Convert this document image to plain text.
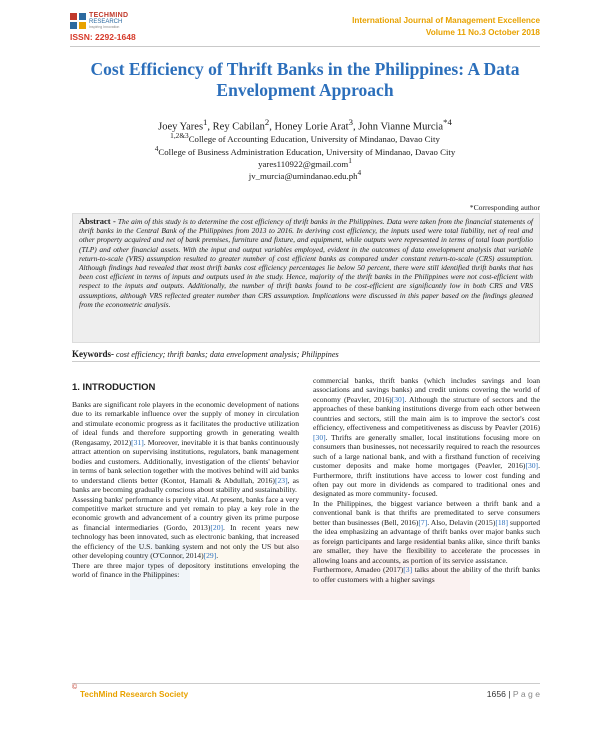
TECHMIND
RESEARCH
Inspiring Innovation
ISSN: 2292-1648
International Journal of Management Excellence
Volume 11 No.3 October 2018
Cost Efficiency of Thrift Banks in the Philippines: A Data Envelopment Approach
Joey Yares$^1$, Rey Cabilan$^2$, Honey Lorie Arat$^3$, John Vianne Murcia$^{*4}$
$^{1,2\&3}$College of Accounting Education, University of Mindanao, Davao City
$^4$College of Business Administration Education, University of Mindanao, Davao City
yares110922@gmail.com$^1$
$jv\_murcia@umindanao.edu.ph^4$
*Corresponding author
Abstract - The aim of this study is to determine the cost efficiency of thrift banks in the Philippines. Data were taken from the financial statements of thrift banks in the Central Bank of the Philippines from 2013 to 2016. In deriving cost efficiency, the inputs used were total liability, net of real and other property acquired and net of bank premises, furniture and fixture, and equipment, while outputs were represented in terms of total loan portfolio (TLP) and other financial assets. With the input and output variables employed, evident in the outcomes of data envelopment analysis that variable return-to-scale (VRS) assumption resulted to greater number of cost efficient banks as compared under constant return-to-scale (CRS) assumption. Although findings had revealed that most thrift banks cost efficiency percentages lie below 50 percent, there were still identified thrift banks that has been cost efficient in terms of inputs and outputs used in the study. Hence, majority of the thrift banks in the Philippines were not cost-efficient with respect to the inputs and outputs. Additionally, the number of thrift banks found to be cost-efficient are significantly low in both CRS and VRS assumptions, although VRS reflected greater number than CRS assumption. Implications were discussed in this paper based on the findings gleaned from the econometric analysis.
Keywords- cost efficiency; thrift banks; data envelopment analysis; Philippines
1. INTRODUCTION

Banks are significant role players in the economic development of nations due to its remarkable influence over the supply of money in circulation and stimulate economic progress as it facilitates the productive utilization of ideal funds and therefore supporting growth in generating wealth (Rengasamy, 2012)[31]. Moreover, inevitable it is that banks continuously attract attention on supervising institutions, regulators, bank management bodies and customers. Additionally, investigation of the clients' behavior in terms of bank selection together with the motives behind will aid banks to understand clients better (Kontot, Hamali & Abdullah, 2016)[23], as banks are becoming gradually conscious about stability and sustainability.

Assessing banks' performance is purely vital. At present, banks face a very competitive market structure and yet remain to play a key role in the economic growth and advancement of a country given its prime purpose as financial intermediaries (Gordo, 2013)[20]. In recent years new technology has been innovated, such as electronic banking, that increased the efficiency of the U.S. banking system and not only the US but also other developing country (O'Connor, 2014)[29].

There are three major types of depository institutions enveloping the world of finance in the Philippines:

commercial banks, thrift banks (which includes savings and loan associations and savings banks) and credit unions covering the world of economy (Peavler, 2016)[30]. Although the structure of sectors and the approaches of these banking institutions diverge from each other between countries and sectors, still the main aim is to improve the sector's cost efficiency, effectiveness and competitiveness as discuss by Peavler (2016)[30]. Thrifts are generally smaller, local institutions focusing more on consumers than businesses, not necessarily required to reach the resources such of a large national bank, and with a firsthand function of receiving customer deposits and make home mortgages (Peavler, 2016)[30]. Furthermore, thrift institutions have access to lower cost funding and often pay out more in dividends as compared to traditional ones and designated as more community- focused.

In the Philippines, the biggest variance between a thrift bank and a conventional bank is that thrifts are premeditated to serve consumers better than businesses (Bell, 2016)[7]. Also, Delavin (2015)[18] supported the idea emphasizing an advantage of thrift banks over major banks such as foreign participants and large residential banks alike, since thrift banks are smaller, they have the flexibility to accelerate the processes in allowing loans and accounts, as portion of its service assistance.

Furthermore, Amadeo (2017)[3] talks about the ability of the thrift banks to offer customers with a higher savings

©
TechMind Research Society	1656 | P a g e
